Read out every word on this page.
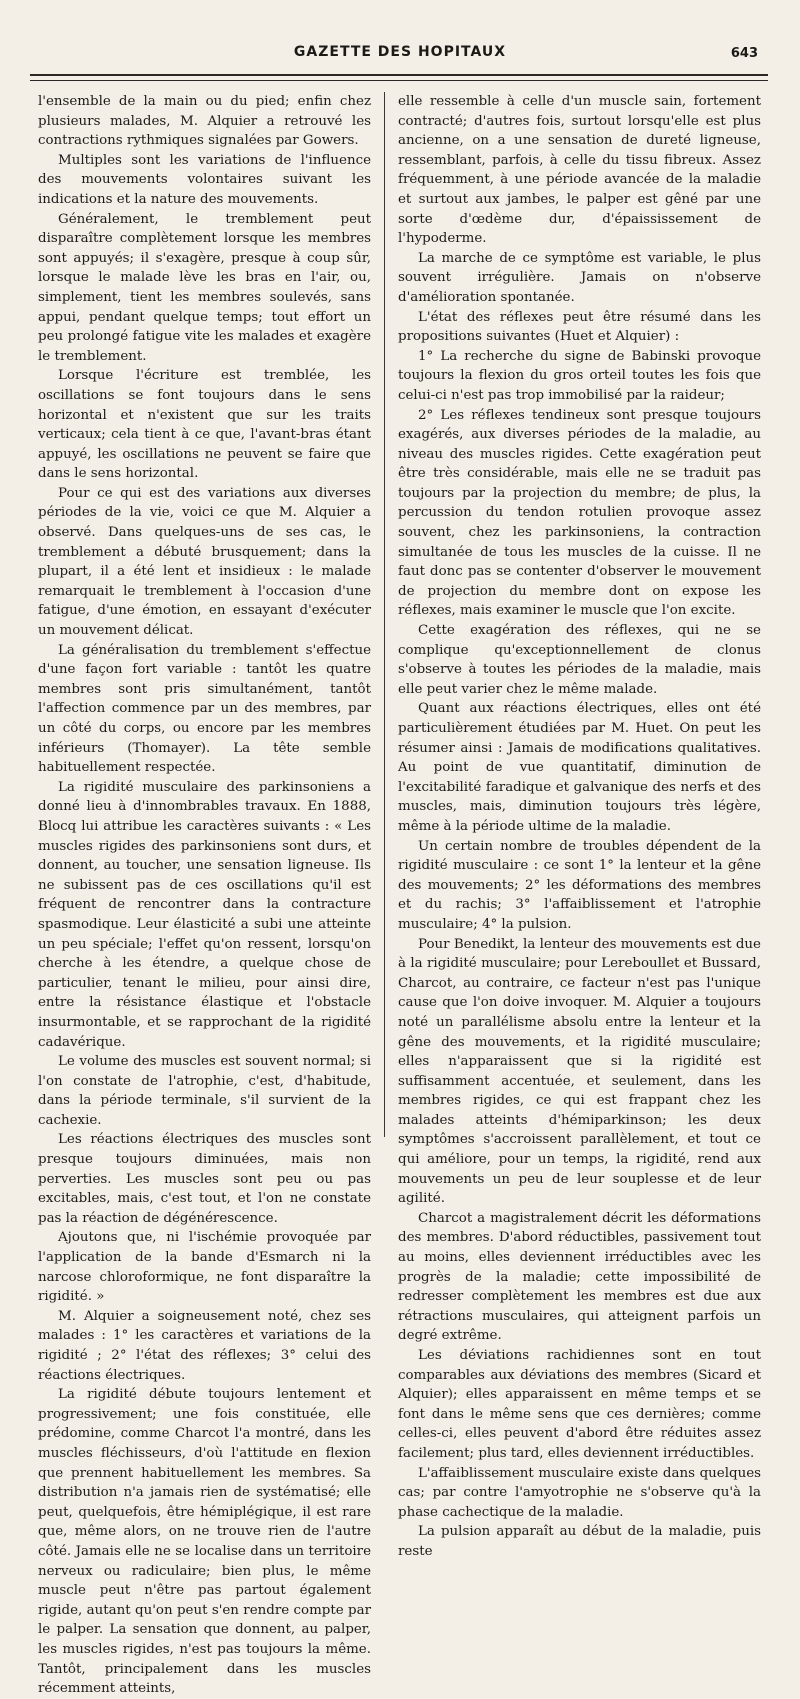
GAZETTE DES HOPITAUX	643

l'ensemble de la main ou du pied; enfin chez plusieurs malades, M. Alquier a retrouvé les contractions rythmiques signalées par Gowers.

Multiples sont les variations de l'influence des mouvements volontaires suivant les indications et la nature des mouvements.

Généralement, le tremblement peut disparaître complètement lorsque les membres sont appuyés; il s'exagère, presque à coup sûr, lorsque le malade lève les bras en l'air, ou, simplement, tient les membres soulevés, sans appui, pendant quelque temps; tout effort un peu prolongé fatigue vite les malades et exagère le tremblement.

Lorsque l'écriture est tremblée, les oscillations se font toujours dans le sens horizontal et n'existent que sur les traits verticaux; cela tient à ce que, l'avant-bras étant appuyé, les oscillations ne peuvent se faire que dans le sens horizontal.

Pour ce qui est des variations aux diverses périodes de la vie, voici ce que M. Alquier a observé. Dans quelques-uns de ses cas, le tremblement a débuté brusquement; dans la plupart, il a été lent et insidieux : le malade remarquait le tremblement à l'occasion d'une fatigue, d'une émotion, en essayant d'exécuter un mouvement délicat.

La généralisation du tremblement s'effectue d'une façon fort variable : tantôt les quatre membres sont pris simultanément, tantôt l'affection commence par un des membres, par un côté du corps, ou encore par les membres inférieurs (Thomayer). La tête semble habituellement respectée.

La rigidité musculaire des parkinsoniens a donné lieu à d'innombrables travaux. En 1888, Blocq lui attribue les caractères suivants : « Les muscles rigides des parkinsoniens sont durs, et donnent, au toucher, une sensation ligneuse. Ils ne subissent pas de ces oscillations qu'il est fréquent de rencontrer dans la contracture spasmodique. Leur élasticité a subi une atteinte un peu spéciale; l'effet qu'on ressent, lorsqu'on cherche à les étendre, a quelque chose de particulier, tenant le milieu, pour ainsi dire, entre la résistance élastique et l'obstacle insurmontable, et se rapprochant de la rigidité cadavérique.

Le volume des muscles est souvent normal; si l'on constate de l'atrophie, c'est, d'habitude, dans la période terminale, s'il survient de la cachexie.

Les réactions électriques des muscles sont presque toujours diminuées, mais non perverties. Les muscles sont peu ou pas excitables, mais, c'est tout, et l'on ne constate pas la réaction de dégénérescence.

Ajoutons que, ni l'ischémie provoquée par l'application de la bande d'Esmarch ni la narcose chloroformique, ne font disparaître la rigidité. »

M. Alquier a soigneusement noté, chez ses malades : 1° les caractères et variations de la rigidité ; 2° l'état des réflexes; 3° celui des réactions électriques.

La rigidité débute toujours lentement et progressivement; une fois constituée, elle prédomine, comme Charcot l'a montré, dans les muscles fléchisseurs, d'où l'attitude en flexion que prennent habituellement les membres. Sa distribution n'a jamais rien de systématisé; elle peut, quelquefois, être hémiplégique, il est rare que, même alors, on ne trouve rien de l'autre côté. Jamais elle ne se localise dans un territoire nerveux ou radiculaire; bien plus, le même muscle peut n'être pas partout également rigide, autant qu'on peut s'en rendre compte par le palper. La sensation que donnent, au palper, les muscles rigides, n'est pas toujours la même. Tantôt, principalement dans les muscles récemment atteints,

elle ressemble à celle d'un muscle sain, fortement contracté; d'autres fois, surtout lorsqu'elle est plus ancienne, on a une sensation de dureté ligneuse, ressemblant, parfois, à celle du tissu fibreux. Assez fréquemment, à une période avancée de la maladie et surtout aux jambes, le palper est gêné par une sorte d'œdème dur, d'épaississement de l'hypoderme.

La marche de ce symptôme est variable, le plus souvent irrégulière. Jamais on n'observe d'amélioration spontanée.

L'état des réflexes peut être résumé dans les propositions suivantes (Huet et Alquier) :

1° La recherche du signe de Babinski provoque toujours la flexion du gros orteil toutes les fois que celui-ci n'est pas trop immobilisé par la raideur;

2° Les réflexes tendineux sont presque toujours exagérés, aux diverses périodes de la maladie, au niveau des muscles rigides. Cette exagération peut être très considérable, mais elle ne se traduit pas toujours par la projection du membre; de plus, la percussion du tendon rotulien provoque assez souvent, chez les parkinsoniens, la contraction simultanée de tous les muscles de la cuisse. Il ne faut donc pas se contenter d'observer le mouvement de projection du membre dont on expose les réflexes, mais examiner le muscle que l'on excite.

Cette exagération des réflexes, qui ne se complique qu'exceptionnellement de clonus s'observe à toutes les périodes de la maladie, mais elle peut varier chez le même malade.

Quant aux réactions électriques, elles ont été particulièrement étudiées par M. Huet. On peut les résumer ainsi : Jamais de modifications qualitatives. Au point de vue quantitatif, diminution de l'excitabilité faradique et galvanique des nerfs et des muscles, mais, diminution toujours très légère, même à la période ultime de la maladie.

Un certain nombre de troubles dépendent de la rigidité musculaire : ce sont 1° la lenteur et la gêne des mouvements; 2° les déformations des membres et du rachis; 3° l'affaiblissement et l'atrophie musculaire; 4° la pulsion.

Pour Benedikt, la lenteur des mouvements est due à la rigidité musculaire; pour Lereboullet et Bussard, Charcot, au contraire, ce facteur n'est pas l'unique cause que l'on doive invoquer. M. Alquier a toujours noté un parallélisme absolu entre la lenteur et la gêne des mouvements, et la rigidité musculaire; elles n'apparaissent que si la rigidité est suffisamment accentuée, et seulement, dans les membres rigides, ce qui est frappant chez les malades atteints d'hémiparkinson; les deux symptômes s'accroissent parallèlement, et tout ce qui améliore, pour un temps, la rigidité, rend aux mouvements un peu de leur souplesse et de leur agilité.

Charcot a magistralement décrit les déformations des membres. D'abord réductibles, passivement tout au moins, elles deviennent irréductibles avec les progrès de la maladie; cette impossibilité de redresser complètement les membres est due aux rétractions musculaires, qui atteignent parfois un degré extrême.

Les déviations rachidiennes sont en tout comparables aux déviations des membres (Sicard et Alquier); elles apparaissent en même temps et se font dans le même sens que ces dernières; comme celles-ci, elles peuvent d'abord être réduites assez facilement; plus tard, elles deviennent irréductibles.

L'affaiblissement musculaire existe dans quelques cas; par contre l'amyotrophie ne s'observe qu'à la phase cachectique de la maladie.

La pulsion apparaît au début de la maladie, puis reste
